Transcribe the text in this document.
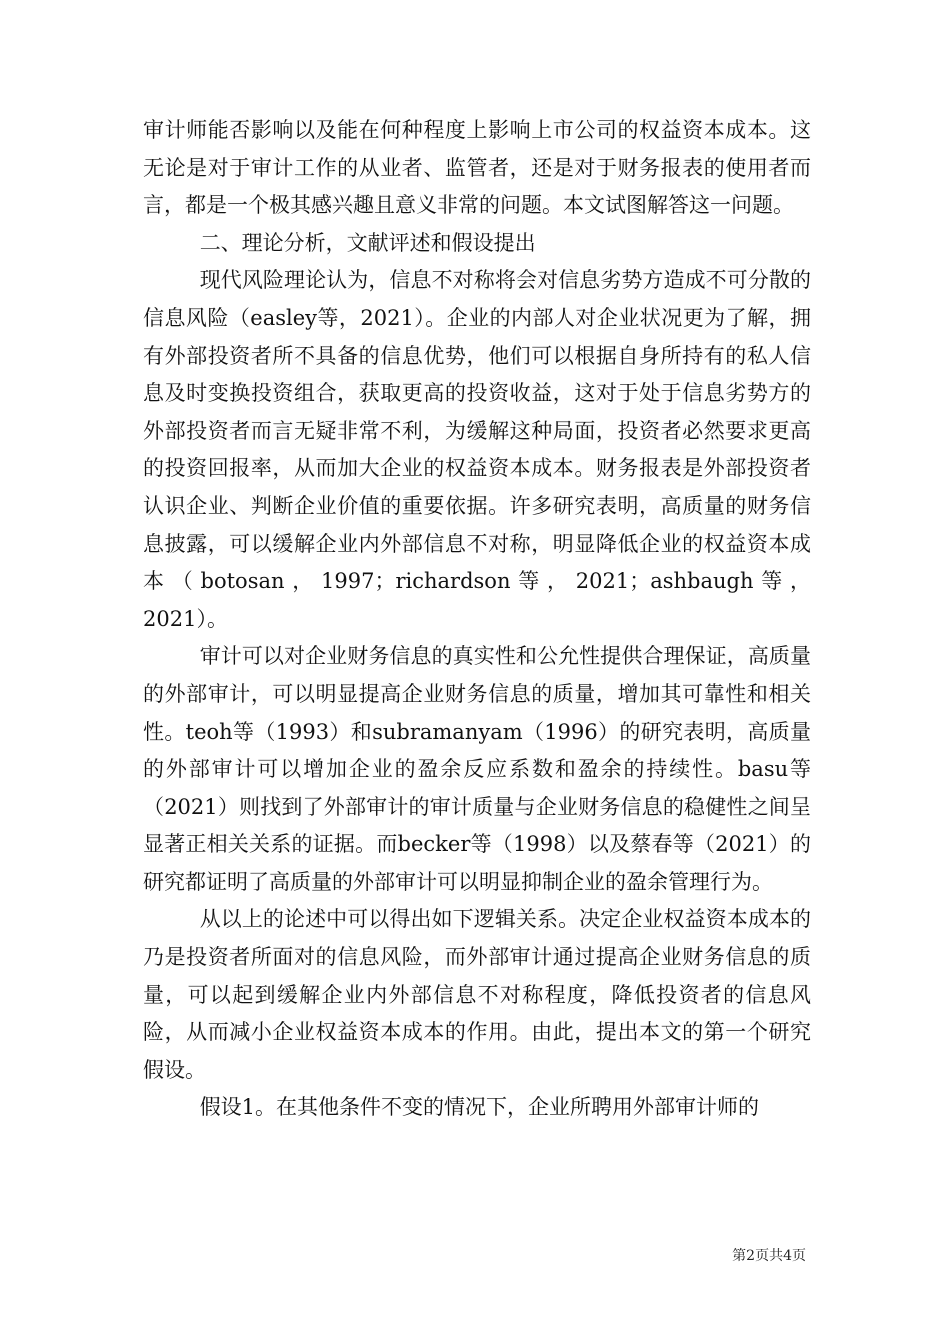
审计师能否影响以及能在何种程度上影响上市公司的权益资本成本。这无论是对于审计工作的从业者、监管者，还是对于财务报表的使用者而言，都是一个极其感兴趣且意义非常的问题。本文试图解答这一问题。

二、理论分析，文献评述和假设提出

现代风险理论认为，信息不对称将会对信息劣势方造成不可分散的信息风险（easley等，2021）。企业的内部人对企业状况更为了解，拥有外部投资者所不具备的信息优势，他们可以根据自身所持有的私人信息及时变换投资组合，获取更高的投资收益，这对于处于信息劣势方的外部投资者而言无疑非常不利，为缓解这种局面，投资者必然要求更高的投资回报率，从而加大企业的权益资本成本。财务报表是外部投资者认识企业、判断企业价值的重要依据。许多研究表明，高质量的财务信息披露，可以缓解企业内外部信息不对称，明显降低企业的权益资本成本（botosan，1997；richardson等，2021；ashbaugh等，2021）。

审计可以对企业财务信息的真实性和公允性提供合理保证，高质量的外部审计，可以明显提高企业财务信息的质量，增加其可靠性和相关性。teoh等（1993）和subramanyam（1996）的研究表明，高质量的外部审计可以增加企业的盈余反应系数和盈余的持续性。basu等（2021）则找到了外部审计的审计质量与企业财务信息的稳健性之间呈显著正相关关系的证据。而becker等（1998）以及蔡春等（2021）的研究都证明了高质量的外部审计可以明显抑制企业的盈余管理行为。

从以上的论述中可以得出如下逻辑关系。决定企业权益资本成本的乃是投资者所面对的信息风险，而外部审计通过提高企业财务信息的质量，可以起到缓解企业内外部信息不对称程度，降低投资者的信息风险，从而减小企业权益资本成本的作用。由此，提出本文的第一个研究假设。

假设1。在其他条件不变的情况下，企业所聘用外部审计师的

第2页共4页
